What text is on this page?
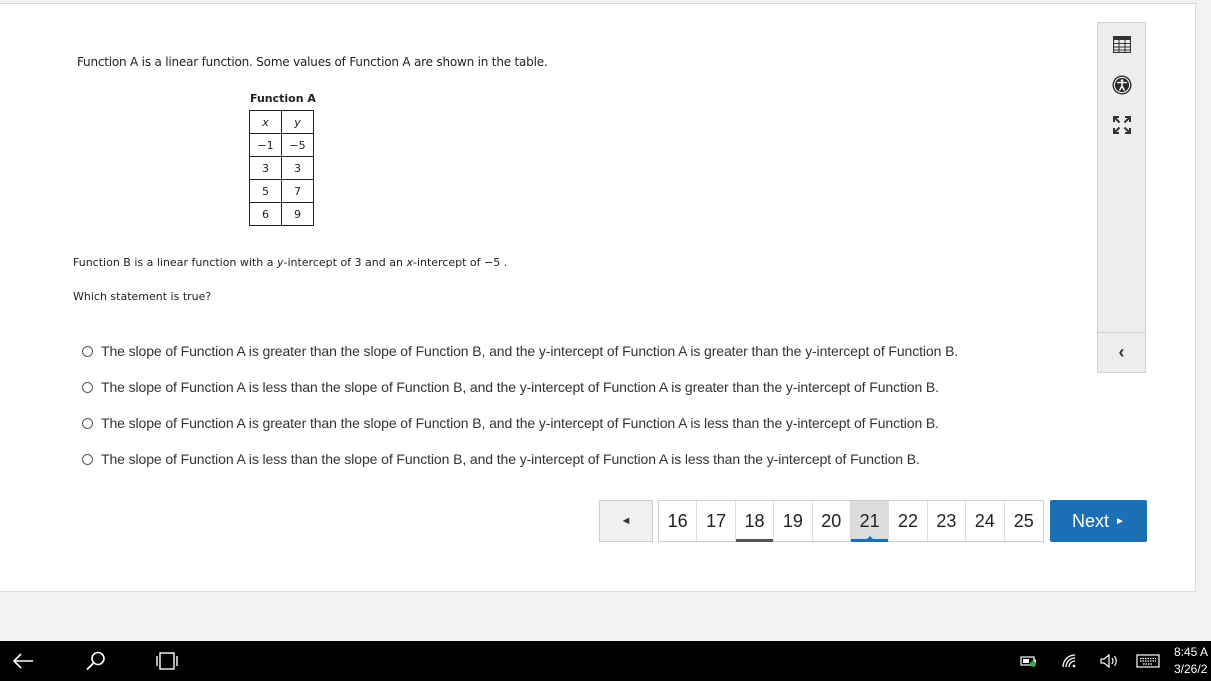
Function A is a linear function. Some values of Function A are shown in the table.
Function A
x	y
−1	−5
3	3
5	7
6	9
Function B is a linear function with a y-intercept of 3 and an x-intercept of −5 .
Which statement is true?
The slope of Function A is greater than the slope of Function B, and the y-intercept of Function A is greater than the y-intercept of Function B.
The slope of Function A is less than the slope of Function B, and the y-intercept of Function A is greater than the y-intercept of Function B.
The slope of Function A is greater than the slope of Function B, and the y-intercept of Function A is less than the y-intercept of Function B.
The slope of Function A is less than the slope of Function B, and the y-intercept of Function A is less than the y-intercept of Function B.
‹
◄	16	17	18	19	20	21	22	23	24	25	Next ►
8:45 A
3/26/2
